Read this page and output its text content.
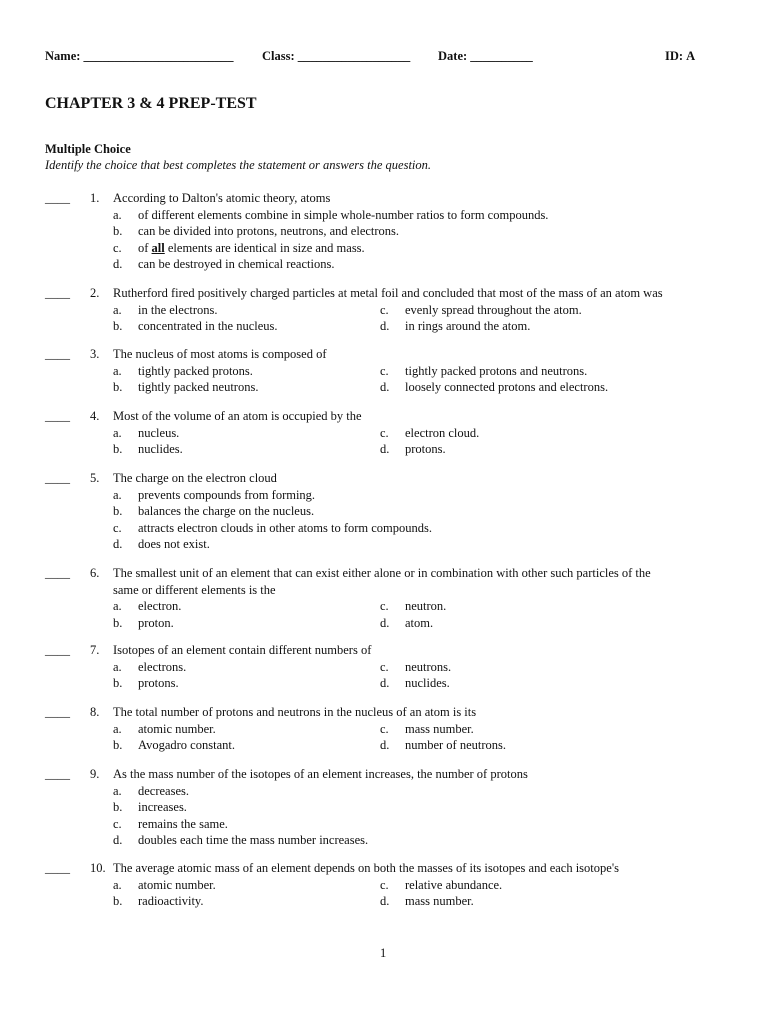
Name: ________________________ Class: __________________ Date: __________	ID: A
CHAPTER 3 & 4 PREP-TEST
Multiple Choice
Identify the choice that best completes the statement or answers the question.
____ 1. According to Dalton's atomic theory, atoms
a. of different elements combine in simple whole-number ratios to form compounds.
b. can be divided into protons, neutrons, and electrons.
c. of all elements are identical in size and mass.
d. can be destroyed in chemical reactions.
____ 2. Rutherford fired positively charged particles at metal foil and concluded that most of the mass of an atom was
a. in the electrons.
b. concentrated in the nucleus.
c. evenly spread throughout the atom.
d. in rings around the atom.
____ 3. The nucleus of most atoms is composed of
a. tightly packed protons.
b. tightly packed neutrons.
c. tightly packed protons and neutrons.
d. loosely connected protons and electrons.
____ 4. Most of the volume of an atom is occupied by the
a. nucleus.
b. nuclides.
c. electron cloud.
d. protons.
____ 5. The charge on the electron cloud
a. prevents compounds from forming.
b. balances the charge on the nucleus.
c. attracts electron clouds in other atoms to form compounds.
d. does not exist.
____ 6. The smallest unit of an element that can exist either alone or in combination with other such particles of the
same or different elements is the
a. electron.
b. proton.
c. neutron.
d. atom.
____ 7. Isotopes of an element contain different numbers of
a. electrons.
b. protons.
c. neutrons.
d. nuclides.
____ 8. The total number of protons and neutrons in the nucleus of an atom is its
a. atomic number.
b. Avogadro constant.
c. mass number.
d. number of neutrons.
____ 9. As the mass number of the isotopes of an element increases, the number of protons
a. decreases.
b. increases.
c. remains the same.
d. doubles each time the mass number increases.
____ 10. The average atomic mass of an element depends on both the masses of its isotopes and each isotope's
a. atomic number.
b. radioactivity.
c. relative abundance.
d. mass number.
1
